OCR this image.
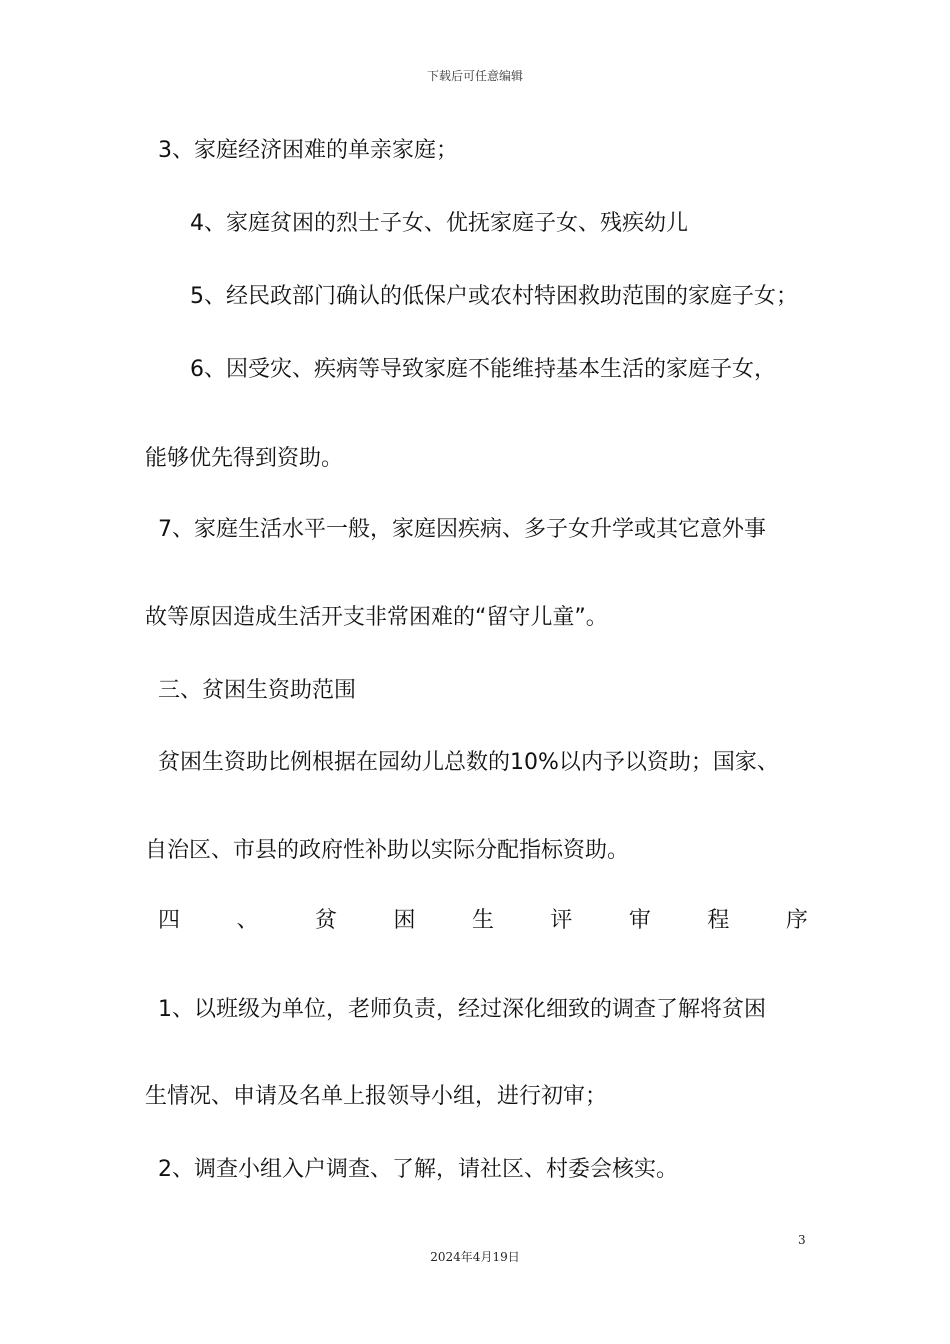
下载后可任意编辑
3、家庭经济困难的单亲家庭；
4、家庭贫困的烈士子女、优抚家庭子女、残疾幼儿
5、经民政部门确认的低保户或农村特困救助范围的家庭子女；
6、因受灾、疾病等导致家庭不能维持基本生活的家庭子女，
能够优先得到资助。
7、家庭生活水平一般，家庭因疾病、多子女升学或其它意外事
故等原因造成生活开支非常困难的“留守儿童”。
三、贫困生资助范围
贫困生资助比例根据在园幼儿总数的10%以内予以资助；国家、
自治区、市县的政府性补助以实际分配指标资助。
四	、	贫	困	生	评	审	程	序
1、以班级为单位，老师负责，经过深化细致的调查了解将贫困
生情况、申请及名单上报领导小组，进行初审；
2、调查小组入户调查、了解，请社区、村委会核实。
3
2024年4月19日
